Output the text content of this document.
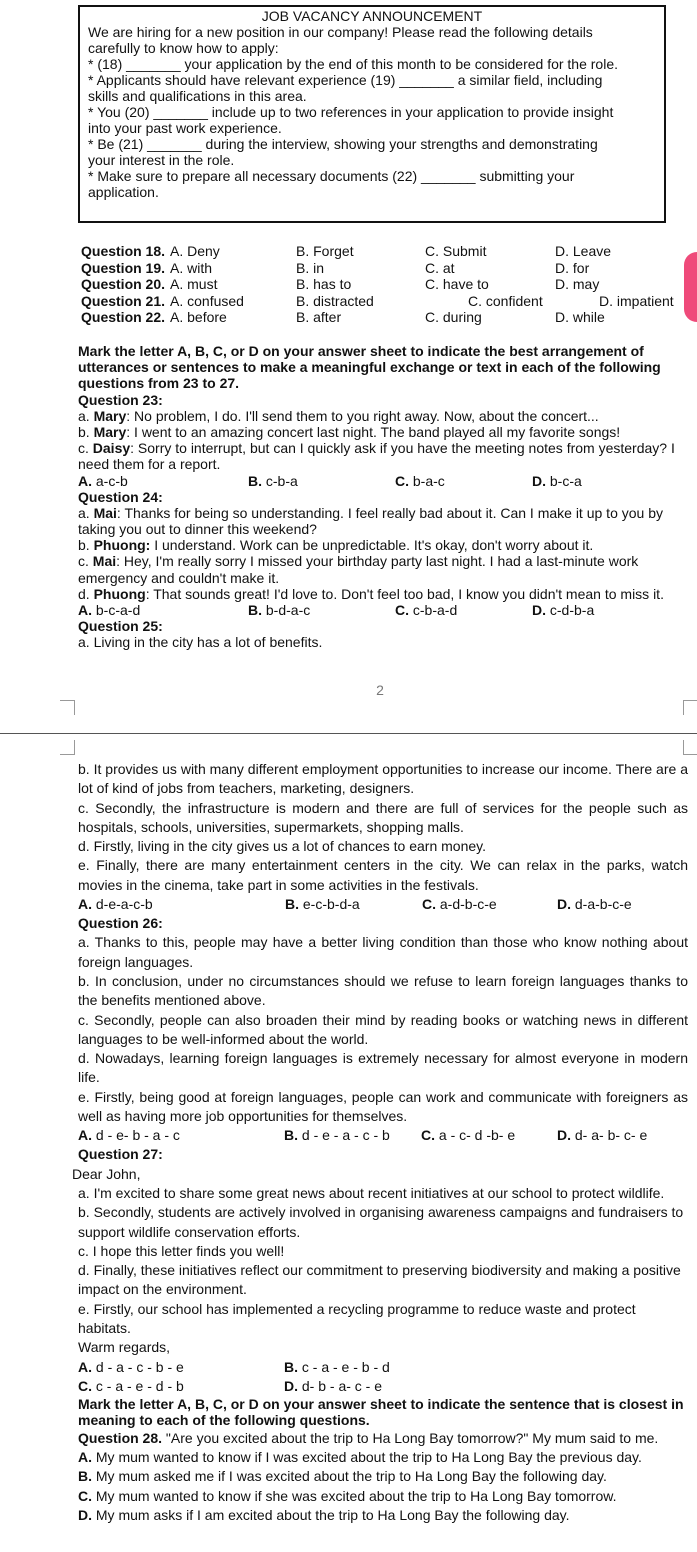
JOB VACANCY ANNOUNCEMENT

We are hiring for a new position in our company! Please read the following details

carefully to know how to apply:

* (18) _______ your application by the end of this month to be considered for the role.

* Applicants should have relevant experience (19) _______ a similar field, including

skills and qualifications in this area.

* You (20) _______ include up to two references in your application to provide insight

into your past work experience.

* Be (21) _______ during the interview, showing your strengths and demonstrating

your interest in the role.

* Make sure to prepare all necessary documents (22) _______ submitting your

application.

Question 18. A. Deny	B. Forget	C. Submit	D. Leave
Question 19. A. with	B. in	C. at	D. for
Question 20. A. must	B. has to	C. have to	D. may
Question 21. A. confused	B. distracted	C. confident	D. impatient
Question 22. A. before	B. after	C. during	D. while

Mark the letter A, B, C, or D on your answer sheet to indicate the best arrangement of utterances or sentences to make a meaningful exchange or text in each of the following questions from 23 to 27.

Question 23:

a. Mary: No problem, I do. I'll send them to you right away. Now, about the concert...

b. Mary: I went to an amazing concert last night. The band played all my favorite songs!

c. Daisy: Sorry to interrupt, but can I quickly ask if you have the meeting notes from yesterday? I need them for a report.

A. a-c-b	B. c-b-a	C. b-a-c	D. b-c-a

Question 24:

a. Mai: Thanks for being so understanding. I feel really bad about it. Can I make it up to you by taking you out to dinner this weekend?

b. Phuong: I understand. Work can be unpredictable. It's okay, don't worry about it.

c. Mai: Hey, I'm really sorry I missed your birthday party last night. I had a last-minute work emergency and couldn't make it.

d. Phuong: That sounds great! I'd love to. Don't feel too bad, I know you didn't mean to miss it.

A. b-c-a-d	B. b-d-a-c	C. c-b-a-d	D. c-d-b-a

Question 25:

a. Living in the city has a lot of benefits.

2

b. It provides us with many different employment opportunities to increase our income. There are a lot of kind of jobs from teachers, marketing, designers.

c. Secondly, the infrastructure is modern and there are full of services for the people such as hospitals, schools, universities, supermarkets, shopping malls.

d. Firstly, living in the city gives us a lot of chances to earn money.

e. Finally, there are many entertainment centers in the city. We can relax in the parks, watch movies in the cinema, take part in some activities in the festivals.

A. d-e-a-c-b	B. e-c-b-d-a	C. a-d-b-c-e	D. d-a-b-c-e

Question 26:

a. Thanks to this, people may have a better living condition than those who know nothing about foreign languages.

b. In conclusion, under no circumstances should we refuse to learn foreign languages thanks to the benefits mentioned above.

c. Secondly, people can also broaden their mind by reading books or watching news in different languages to be well-informed about the world.

d. Nowadays, learning foreign languages is extremely necessary for almost everyone in modern life.

e. Firstly, being good at foreign languages, people can work and communicate with foreigners as well as having more job opportunities for themselves.

A. d - e- b - a - c	B. d - e - a - c - b C. a - c- d -b- e	D. d- a- b- c- e

Question 27:

Dear John,

a. I'm excited to share some great news about recent initiatives at our school to protect wildlife.

b. Secondly, students are actively involved in organising awareness campaigns and fundraisers to support wildlife conservation efforts.

c. I hope this letter finds you well!

d. Finally, these initiatives reflect our commitment to preserving biodiversity and making a positive impact on the environment.

e. Firstly, our school has implemented a recycling programme to reduce waste and protect habitats.

Warm regards,

A. d - a - c - b - e	B. c - a - e - b - d
C. c - a - e - d - b	D. d- b - a- c - e

Mark the letter A, B, C, or D on your answer sheet to indicate the sentence that is closest in meaning to each of the following questions.

Question 28. "Are you excited about the trip to Ha Long Bay tomorrow?" My mum said to me.

A. My mum wanted to know if I was excited about the trip to Ha Long Bay the previous day.

B. My mum asked me if I was excited about the trip to Ha Long Bay the following day.

C. My mum wanted to know if she was excited about the trip to Ha Long Bay tomorrow.

D. My mum asks if I am excited about the trip to Ha Long Bay the following day.
